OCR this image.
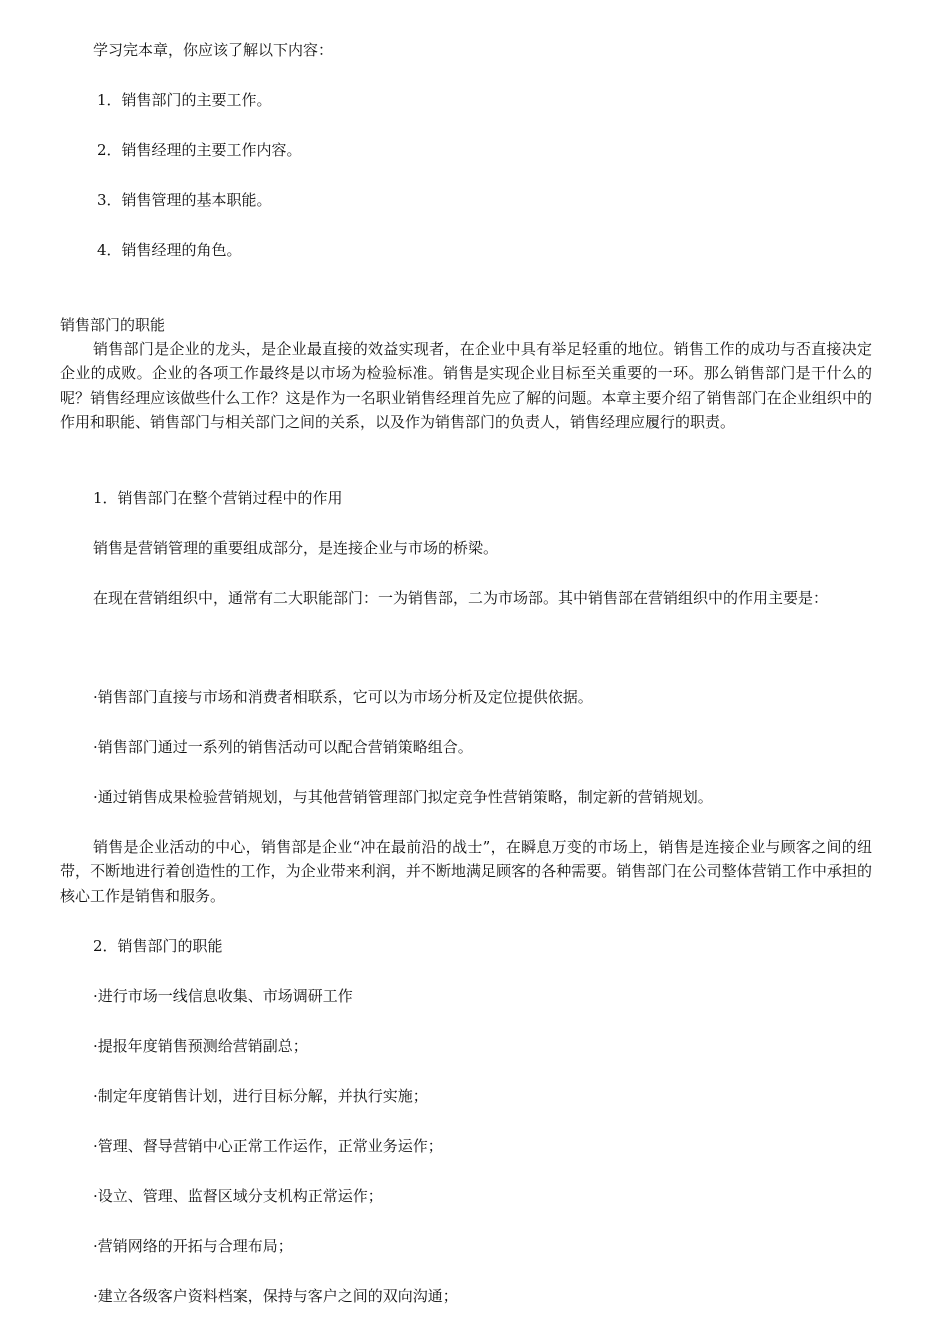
学习完本章，你应该了解以下内容：
1．销售部门的主要工作。
2．销售经理的主要工作内容。
3．销售管理的基本职能。
4．销售经理的角色。
销售部门的职能
销售部门是企业的龙头，是企业最直接的效益实现者，在企业中具有举足轻重的地位。销售工作的成功与否直接决定企业的成败。企业的各项工作最终是以市场为检验标准。销售是实现企业目标至关重要的一环。那么销售部门是干什么的呢？销售经理应该做些什么工作？这是作为一名职业销售经理首先应了解的问题。本章主要介绍了销售部门在企业组织中的作用和职能、销售部门与相关部门之间的关系，以及作为销售部门的负责人，销售经理应履行的职责。
1．销售部门在整个营销过程中的作用
销售是营销管理的重要组成部分，是连接企业与市场的桥梁。
在现在营销组织中，通常有二大职能部门：一为销售部，二为市场部。其中销售部在营销组织中的作用主要是：
·销售部门直接与市场和消费者相联系，它可以为市场分析及定位提供依据。
·销售部门通过一系列的销售活动可以配合营销策略组合。
·通过销售成果检验营销规划，与其他营销管理部门拟定竞争性营销策略，制定新的营销规划。
销售是企业活动的中心，销售部是企业“冲在最前沿的战士”，在瞬息万变的市场上，销售是连接企业与顾客之间的纽带，不断地进行着创造性的工作，为企业带来利润，并不断地满足顾客的各种需要。销售部门在公司整体营销工作中承担的核心工作是销售和服务。
2．销售部门的职能
·进行市场一线信息收集、市场调研工作
·提报年度销售预测给营销副总；
·制定年度销售计划，进行目标分解，并执行实施；
·管理、督导营销中心正常工作运作，正常业务运作；
·设立、管理、监督区域分支机构正常运作；
·营销网络的开拓与合理布局；
·建立各级客户资料档案，保持与客户之间的双向沟通；
